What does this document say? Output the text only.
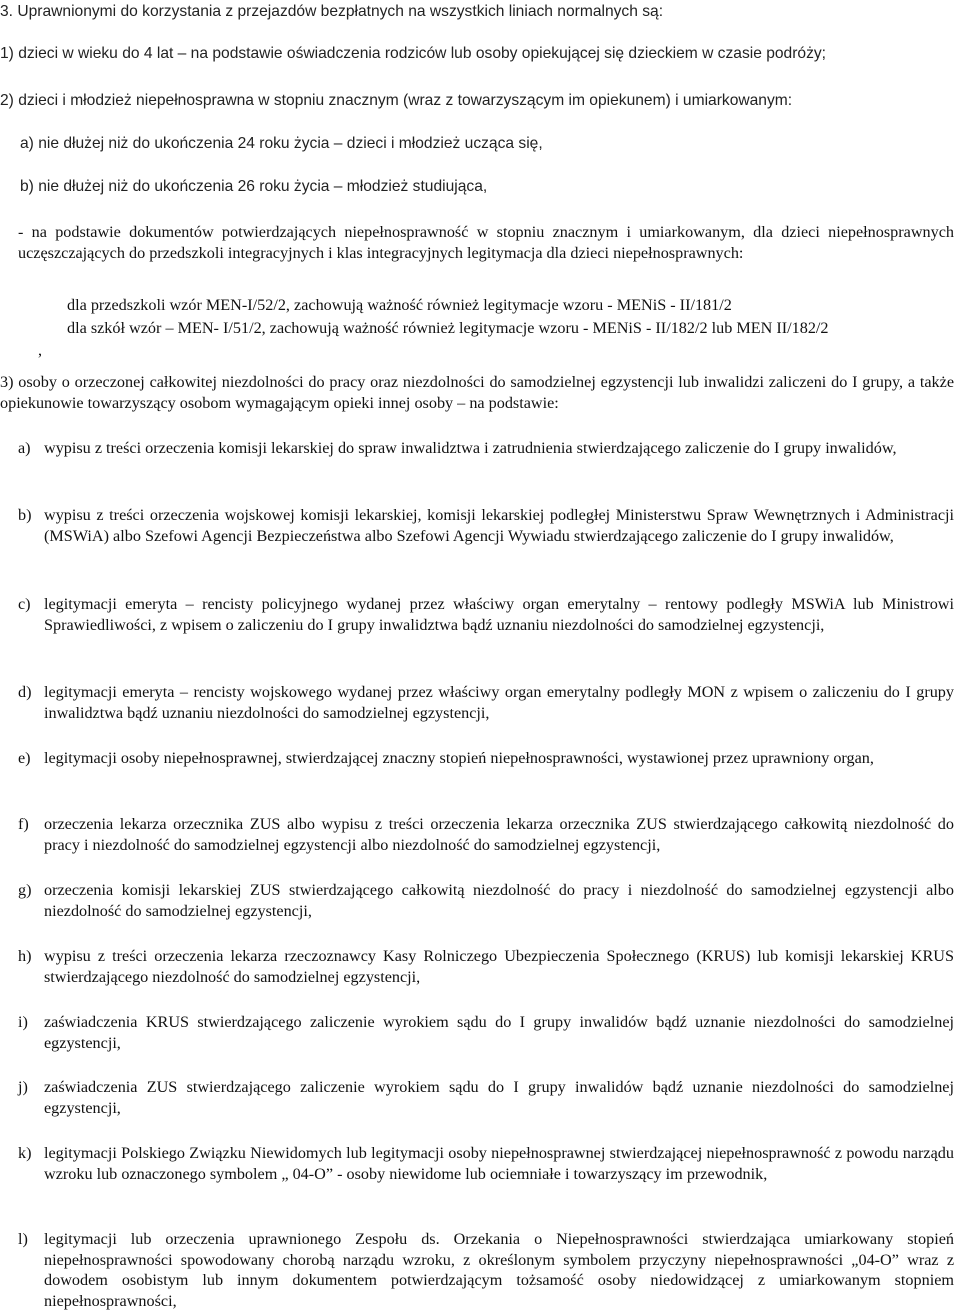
3. Uprawnionymi do korzystania z przejazdów bezpłatnych na wszystkich liniach normalnych są:

1) dzieci w wieku do 4 lat – na podstawie oświadczenia rodziców lub osoby opiekującej się dzieckiem w czasie podróży;

2) dzieci i młodzież niepełnosprawna w stopniu znacznym (wraz z towarzyszącym im opiekunem) i umiarkowanym:

a) nie dłużej niż do ukończenia 24 roku życia – dzieci i młodzież ucząca się,

b) nie dłużej niż do ukończenia 26 roku życia – młodzież studiująca,

- na podstawie dokumentów potwierdzających niepełnosprawność w stopniu znacznym i umiarkowanym, dla dzieci niepełnosprawnych uczęszczających do przedszkoli integracyjnych i klas integracyjnych legitymacja dla dzieci niepełnosprawnych:

dla przedszkoli wzór MEN-I/52/2, zachowują ważność również legitymacje wzoru - MENiS - II/181/2

dla szkół wzór – MEN- I/51/2, zachowują ważność również legitymacje wzoru - MENiS - II/182/2 lub MEN II/182/2

,

3) osoby o orzeczonej całkowitej niezdolności do pracy oraz niezdolności do samodzielnej egzystencji lub inwalidzi zaliczeni do I grupy, a także opiekunowie towarzyszący osobom wymagającym opieki innej osoby – na podstawie:

a) wypisu z treści orzeczenia komisji lekarskiej do spraw inwalidztwa i zatrudnienia stwierdzającego zaliczenie do I grupy inwalidów,
b) wypisu z treści orzeczenia wojskowej komisji lekarskiej, komisji lekarskiej podległej Ministerstwu Spraw Wewnętrznych i Administracji (MSWiA) albo Szefowi Agencji Bezpieczeństwa albo Szefowi Agencji Wywiadu stwierdzającego zaliczenie do I grupy inwalidów,
c) legitymacji emeryta – rencisty policyjnego wydanej przez właściwy organ emerytalny – rentowy podległy MSWiA lub Ministrowi Sprawiedliwości, z wpisem o zaliczeniu do I grupy inwalidztwa bądź uznaniu niezdolności do samodzielnej egzystencji,
d) legitymacji emeryta – rencisty wojskowego wydanej przez właściwy organ emerytalny podległy MON z wpisem o zaliczeniu do I grupy inwalidztwa bądź uznaniu niezdolności do samodzielnej egzystencji,
e) legitymacji osoby niepełnosprawnej, stwierdzającej znaczny stopień niepełnosprawności, wystawionej przez uprawniony organ,
f) orzeczenia lekarza orzecznika ZUS albo wypisu z treści orzeczenia lekarza orzecznika ZUS stwierdzającego całkowitą niezdolność do pracy i niezdolność do samodzielnej egzystencji albo niezdolność do samodzielnej egzystencji,
g) orzeczenia komisji lekarskiej ZUS stwierdzającego całkowitą niezdolność do pracy i niezdolność do samodzielnej egzystencji albo niezdolność do samodzielnej egzystencji,
h) wypisu z treści orzeczenia lekarza rzeczoznawcy Kasy Rolniczego Ubezpieczenia Społecznego (KRUS) lub komisji lekarskiej KRUS stwierdzającego niezdolność do samodzielnej egzystencji,
i) zaświadczenia KRUS stwierdzającego zaliczenie wyrokiem sądu do I grupy inwalidów bądź uznanie niezdolności do samodzielnej egzystencji,
j) zaświadczenia ZUS stwierdzającego zaliczenie wyrokiem sądu do I grupy inwalidów bądź uznanie niezdolności do samodzielnej egzystencji,
k) legitymacji Polskiego Związku Niewidomych lub legitymacji osoby niepełnosprawnej stwierdzającej niepełnosprawność z powodu narządu wzroku lub oznaczonego symbolem „ 04-O” - osoby niewidome lub ociemniałe i towarzyszący im przewodnik,
l) legitymacji lub orzeczenia uprawnionego Zespołu ds. Orzekania o Niepełnosprawności stwierdzająca umiarkowany stopień niepełnosprawności spowodowany chorobą narządu wzroku, z określonym symbolem przyczyny niepełnosprawności „04-O” wraz z dowodem osobistym lub innym dokumentem potwierdzającym tożsamość osoby niedowidzącej z umiarkowanym stopniem niepełnosprawności,
